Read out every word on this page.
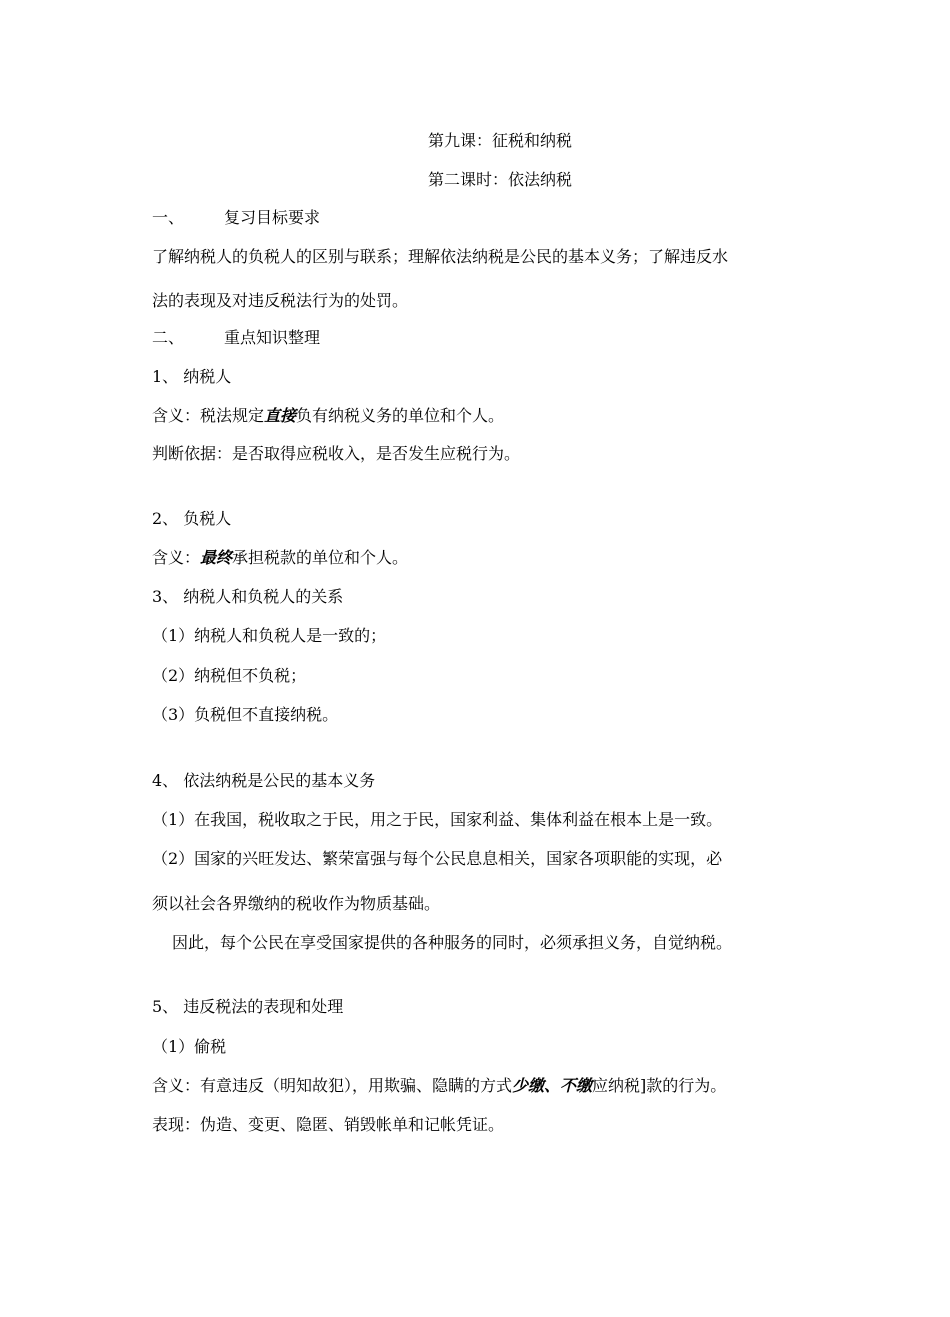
第九课：征税和纳税
第二课时：依法纳税
一、 复习目标要求
了解纳税人的负税人的区别与联系；理解依法纳税是公民的基本义务；了解违反水
法的表现及对违反税法行为的处罚。
二、 重点知识整理
1、 纳税人
含义：税法规定直接负有纳税义务的单位和个人。
判断依据：是否取得应税收入，是否发生应税行为。
2、 负税人
含义：最终承担税款的单位和个人。
3、 纳税人和负税人的关系
（1）纳税人和负税人是一致的；
（2）纳税但不负税；
（3）负税但不直接纳税。
4、 依法纳税是公民的基本义务
（1）在我国，税收取之于民，用之于民，国家利益、集体利益在根本上是一致。
（2）国家的兴旺发达、繁荣富强与每个公民息息相关，国家各项职能的实现，必
须以社会各界缴纳的税收作为物质基础。
因此，每个公民在享受国家提供的各种服务的同时，必须承担义务，自觉纳税。
5、 违反税法的表现和处理
（1）偷税
含义：有意违反（明知故犯），用欺骗、隐瞒的方式少缴、不缴应纳税]款的行为。
表现：伪造、变更、隐匿、销毁帐单和记帐凭证。
